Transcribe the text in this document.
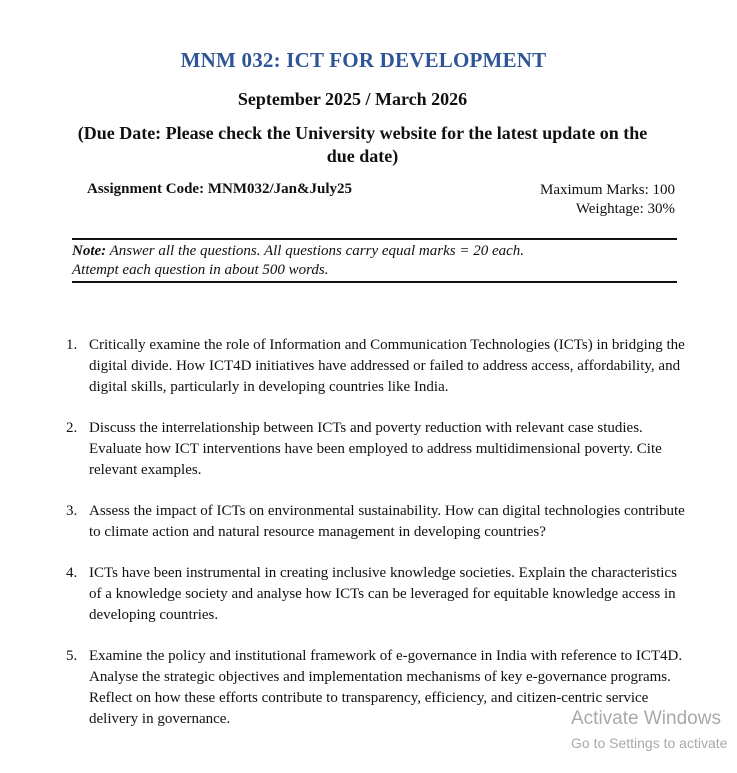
MNM 032: ICT FOR DEVELOPMENT
September 2025 / March 2026
(Due Date: Please check the University website for the latest update on the due date)
Assignment Code: MNM032/Jan&July25	Maximum Marks: 100
Weightage: 30%
Note: Answer all the questions. All questions carry equal marks = 20 each.
Attempt each question in about 500 words.
1. Critically examine the role of Information and Communication Technologies (ICTs) in bridging the digital divide. How ICT4D initiatives have addressed or failed to address access, affordability, and digital skills, particularly in developing countries like India.
2. Discuss the interrelationship between ICTs and poverty reduction with relevant case studies. Evaluate how ICT interventions have been employed to address multidimensional poverty. Cite relevant examples.
3. Assess the impact of ICTs on environmental sustainability. How can digital technologies contribute to climate action and natural resource management in developing countries?
4. ICTs have been instrumental in creating inclusive knowledge societies. Explain the characteristics of a knowledge society and analyse how ICTs can be leveraged for equitable knowledge access in developing countries.
5. Examine the policy and institutional framework of e-governance in India with reference to ICT4D. Analyse the strategic objectives and implementation mechanisms of key e-governance programs. Reflect on how these efforts contribute to transparency, efficiency, and citizen-centric service delivery in governance.	Activate Windows
Go to Settings to activate
